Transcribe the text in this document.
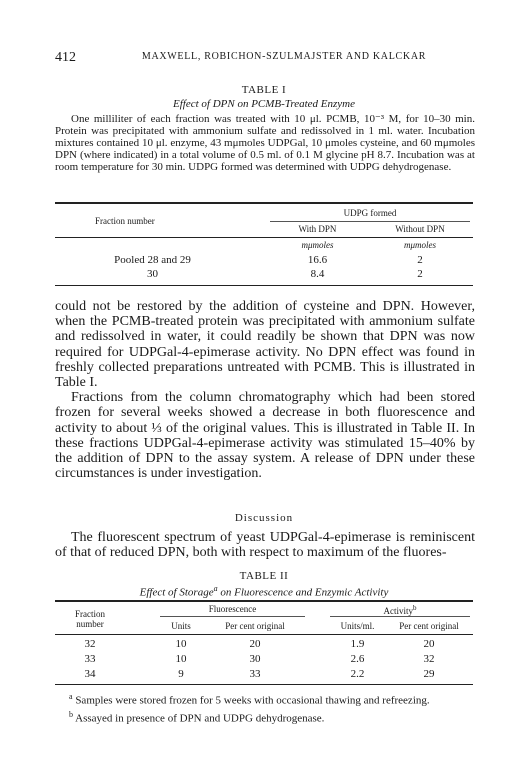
412	MAXWELL, ROBICHON-SZULMAJSTER AND KALCKAR
TABLE I
Effect of DPN on PCMB-Treated Enzyme
One milliliter of each fraction was treated with 10 μl. PCMB, 10⁻³ M, for 10–30 min. Protein was precipitated with ammonium sulfate and redissolved in 1 ml. water. Incubation mixtures contained 10 μl. enzyme, 43 mμmoles UDPGal, 10 μmoles cysteine, and 60 mμmoles DPN (where indicated) in a total volume of 0.5 ml. of 0.1 M glycine pH 8.7. Incubation was at room temperature for 30 min. UDPG formed was determined with UDPG dehydrogenase.
Fraction number
UDPG formed
With DPN	Without DPN
mμmoles	mμmoles
Pooled 28 and 29	16.6	2
30	8.4	2

could not be restored by the addition of cysteine and DPN. However, when the PCMB-treated protein was precipitated with ammonium sulfate and redissolved in water, it could readily be shown that DPN was now required for UDPGal-4-epimerase activity. No DPN effect was found in freshly collected preparations untreated with PCMB. This is illustrated in Table I.

Fractions from the column chromatography which had been stored frozen for several weeks showed a decrease in both fluorescence and activity to about ⅓ of the original values. This is illustrated in Table II. In these fractions UDPGal-4-epimerase activity was stimulated 15–40% by the addition of DPN to the assay system. A release of DPN under these circumstances is under investigation.

Discussion

The fluorescent spectrum of yeast UDPGal-4-epimerase is reminiscent of that of reduced DPN, both with respect to maximum of the fluores-

TABLE II
Effect of Storage$^a$ on Fluorescence and Enzymic Activity
Fraction
number
Fluorescence	Activity$^b$
Units	Per cent original	Units/ml.	Per cent original
32	10	20	1.9	20
33	10	30	2.6	32
34	9	33	2.2	29

$^a$ Samples were stored frozen for 5 weeks with occasional thawing and refreezing.

$^b$ Assayed in presence of DPN and UDPG dehydrogenase.
